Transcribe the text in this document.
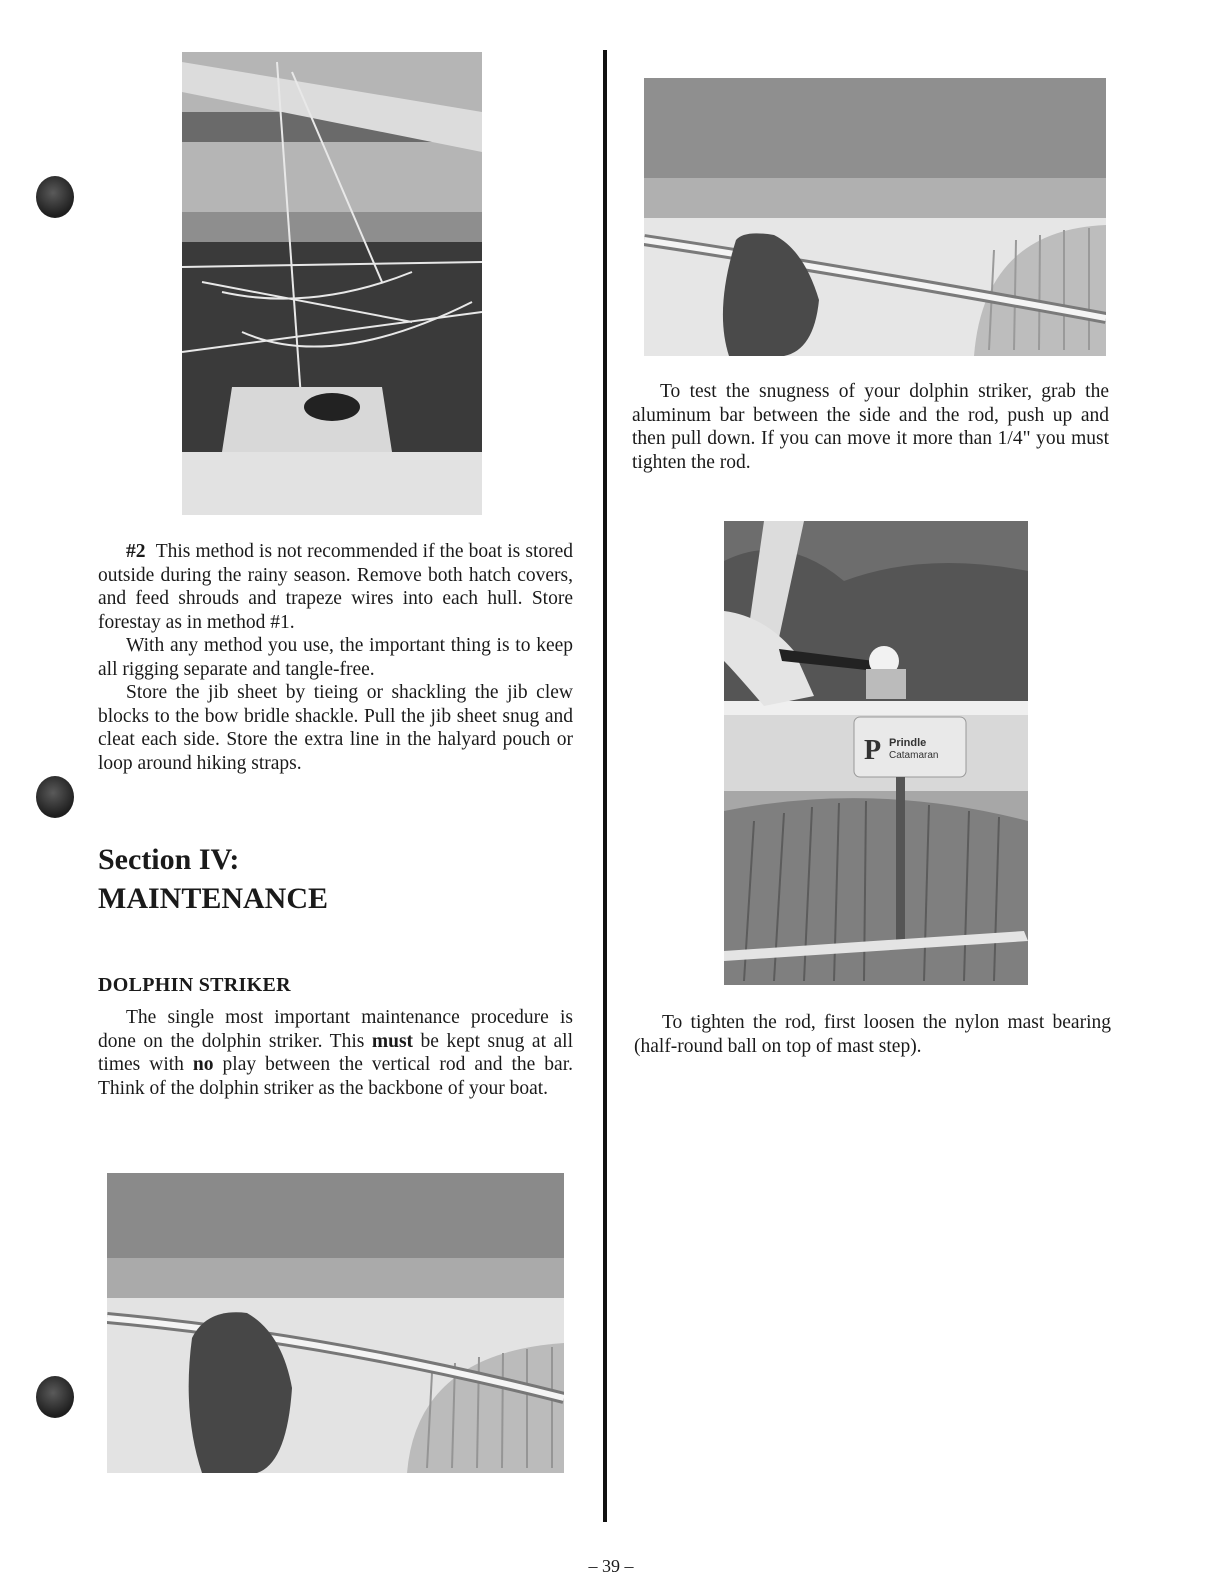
To test the snugness of your dolphin striker, grab the aluminum bar between the side and the rod, push up and then pull down. If you can move it more than 1/4" you must tighten the rod.

Prindle
Catamaran
P

To tighten the rod, first loosen the nylon mast bearing (half-round ball on top of mast step).

#2 This method is not recommended if the boat is stored outside during the rainy season. Remove both hatch covers, and feed shrouds and trapeze wires into each hull. Store forestay as in method #1.

With any method you use, the important thing is to keep all rigging separate and tangle-free.

Store the jib sheet by tieing or shackling the jib clew blocks to the bow bridle shackle. Pull the jib sheet snug and cleat each side. Store the extra line in the halyard pouch or loop around hiking straps.

Section IV:
MAINTENANCE
DOLPHIN STRIKER

The single most important maintenance procedure is done on the dolphin striker. This must be kept snug at all times with no play between the vertical rod and the bar. Think of the dolphin striker as the backbone of your boat.

– 39 –
